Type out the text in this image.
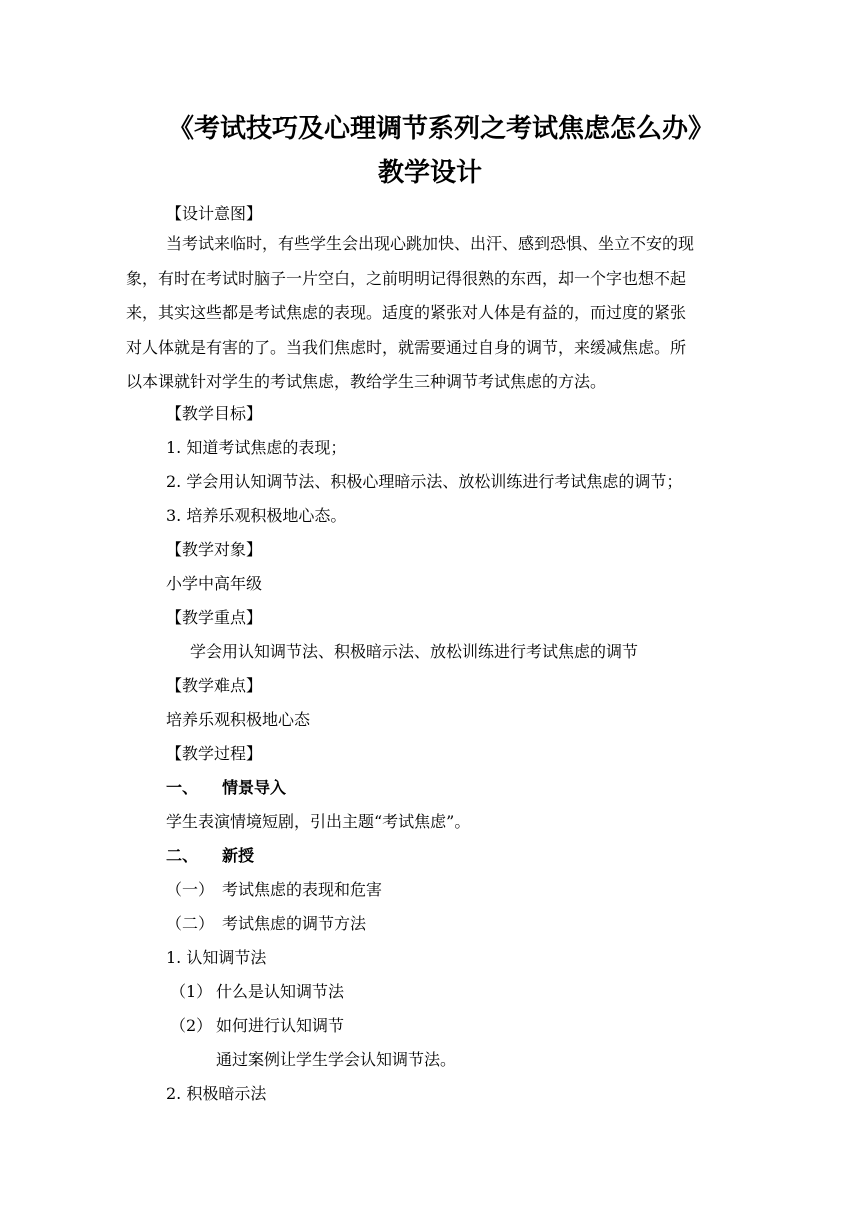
《考试技巧及心理调节系列之考试焦虑怎么办》
教学设计
【设计意图】
当考试来临时，有些学生会出现心跳加快、出汗、感到恐惧、坐立不安的现
象，有时在考试时脑子一片空白，之前明明记得很熟的东西，却一个字也想不起
来，其实这些都是考试焦虑的表现。适度的紧张对人体是有益的，而过度的紧张
对人体就是有害的了。当我们焦虑时，就需要通过自身的调节，来缓减焦虑。所
以本课就针对学生的考试焦虑，教给学生三种调节考试焦虑的方法。
【教学目标】
1. 知道考试焦虑的表现；
2. 学会用认知调节法、积极心理暗示法、放松训练进行考试焦虑的调节；
3. 培养乐观积极地心态。
【教学对象】
小学中高年级
【教学重点】
学会用认知调节法、积极暗示法、放松训练进行考试焦虑的调节
【教学难点】
培养乐观积极地心态
【教学过程】
一、 情景导入
学生表演情境短剧，引出主题“考试焦虑”。
二、 新授
（一） 考试焦虑的表现和危害
（二） 考试焦虑的调节方法
1. 认知调节法
（1） 什么是认知调节法
（2） 如何进行认知调节
通过案例让学生学会认知调节法。
2. 积极暗示法
